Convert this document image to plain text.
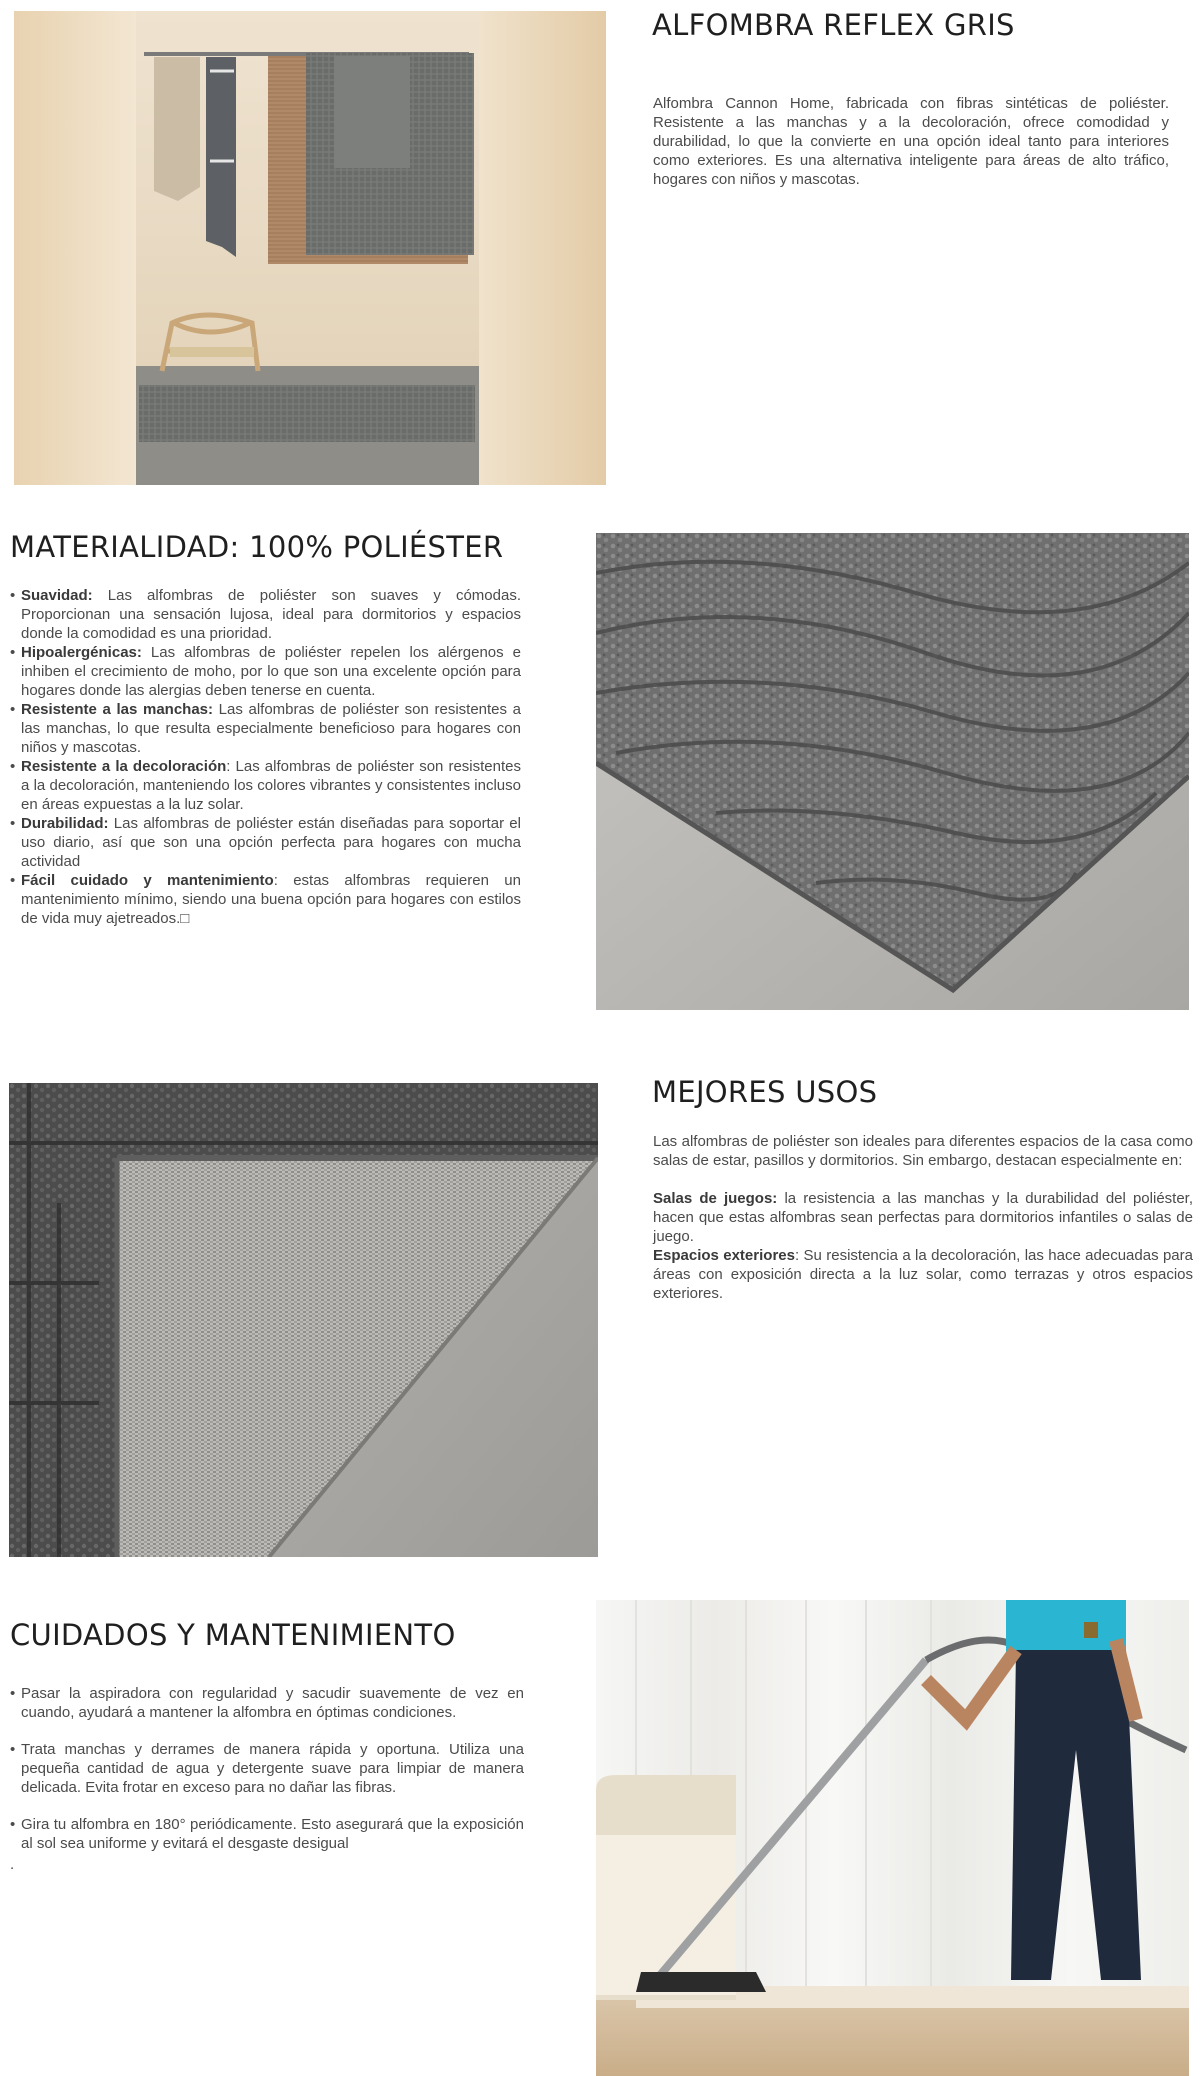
ALFOMBRA REFLEX GRIS

Alfombra Cannon Home, fabricada con fibras sintéticas de poliéster. Resistente a las manchas y a la decoloración, ofrece comodidad y durabilidad, lo que la convierte en una opción ideal tanto para interiores como exteriores. Es una alternativa inteligente para áreas de alto tráfico, hogares con niños y mascotas.

MATERIALIDAD: 100% POLIÉSTER
• Suavidad: Las alfombras de poliéster son suaves y cómodas. Proporcionan una sensación lujosa, ideal para dormitorios y espacios donde la comodidad es una prioridad.
• Hipoalergénicas: Las alfombras de poliéster repelen los alérgenos e inhiben el crecimiento de moho, por lo que son una excelente opción para hogares donde las alergias deben tenerse en cuenta.
• Resistente a las manchas: Las alfombras de poliéster son resistentes a las manchas, lo que resulta especialmente beneficioso para hogares con niños y mascotas.
• Resistente a la decoloración: Las alfombras de poliéster son resistentes a la decoloración, manteniendo los colores vibrantes y consistentes incluso en áreas expuestas a la luz solar.
• Durabilidad: Las alfombras de poliéster están diseñadas para soportar el uso diario, así que son una opción perfecta para hogares con mucha actividad
• Fácil cuidado y mantenimiento: estas alfombras requieren un mantenimiento mínimo, siendo una buena opción para hogares con estilos de vida muy ajetreados.□
MEJORES USOS

Las alfombras de poliéster son ideales para diferentes espacios de la casa como salas de estar, pasillos y dormitorios. Sin embargo, destacan especialmente en:

Salas de juegos: la resistencia a las manchas y la durabilidad del poliéster, hacen que estas alfombras sean perfectas para dormitorios infantiles o salas de juego.

Espacios exteriores: Su resistencia a la decoloración, las hace adecuadas para áreas con exposición directa a la luz solar, como terrazas y otros espacios exteriores.

CUIDADOS Y MANTENIMIENTO
• Pasar la aspiradora con regularidad y sacudir suavemente de vez en cuando, ayudará a mantener la alfombra en óptimas condiciones.
• Trata manchas y derrames de manera rápida y oportuna. Utiliza una pequeña cantidad de agua y detergente suave para limpiar de manera delicada. Evita frotar en exceso para no dañar las fibras.
• Gira tu alfombra en 180° periódicamente. Esto asegurará que la exposición al sol sea uniforme y evitará el desgaste desigual
.
